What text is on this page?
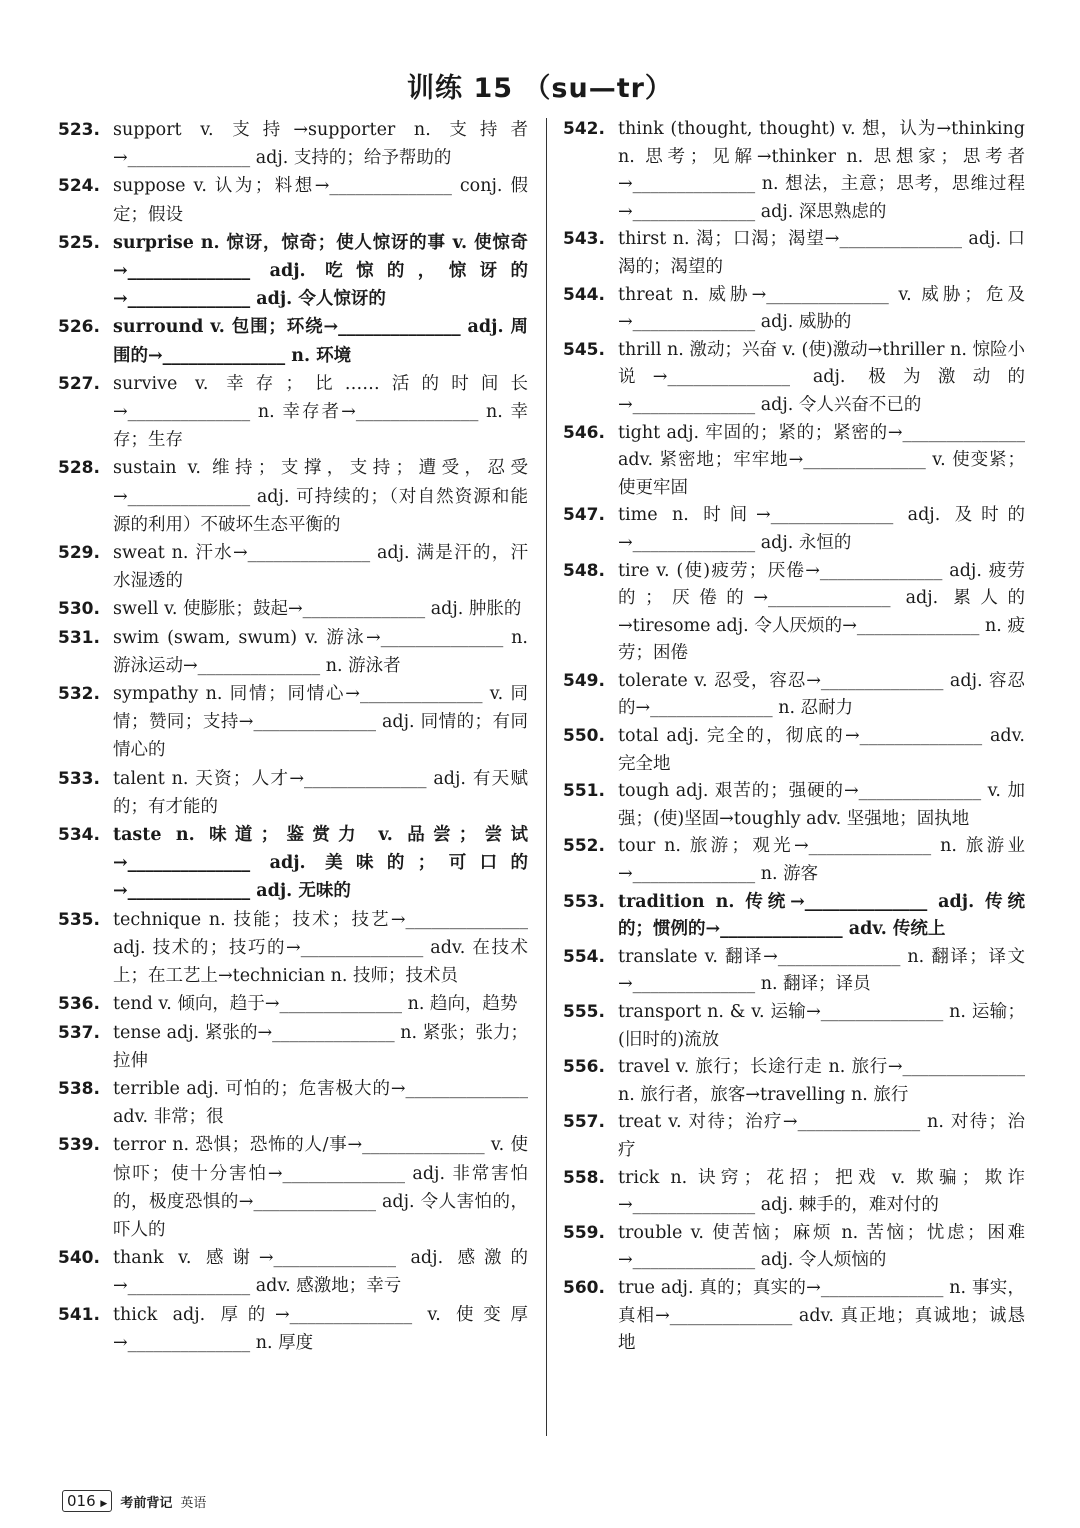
训练 15 （su—tr）
523. support v. 支持→supporter n. 支持者→______________ adj. 支持的；给予帮助的
524. suppose v. 认为；料想→______________ conj. 假定；假设
525. surprise n. 惊讶，惊奇；使人惊讶的事 v. 使惊奇→______________ adj. 吃惊的，惊讶的→______________ adj. 令人惊讶的
526. surround v. 包围；环绕→______________ adj. 周围的→______________ n. 环境
527. survive v. 幸存；比……活的时间长→______________ n. 幸存者→______________ n. 幸存；生存
528. sustain v. 维持；支撑，支持；遭受，忍受→______________ adj. 可持续的；（对自然资源和能源的利用）不破坏生态平衡的
529. sweat n. 汗水→______________ adj. 满是汗的，汗水湿透的
530. swell v. 使膨胀；鼓起→______________ adj. 肿胀的
531. swim (swam, swum) v. 游泳→______________ n. 游泳运动→______________ n. 游泳者
532. sympathy n. 同情；同情心→______________ v. 同情；赞同；支持→______________ adj. 同情的；有同情心的
533. talent n. 天资；人才→______________ adj. 有天赋的；有才能的
534. taste n. 味道；鉴赏力 v. 品尝；尝试→______________ adj. 美味的；可口的→______________ adj. 无味的
535. technique n. 技能；技术；技艺→______________ adj. 技术的；技巧的→______________ adv. 在技术上；在工艺上→technician n. 技师；技术员
536. tend v. 倾向，趋于→______________ n. 趋向，趋势
537. tense adj. 紧张的→______________ n. 紧张；张力；拉伸
538. terrible adj. 可怕的；危害极大的→______________ adv. 非常；很
539. terror n. 恐惧；恐怖的人/事→______________ v. 使惊吓；使十分害怕→______________ adj. 非常害怕的，极度恐惧的→______________ adj. 令人害怕的，吓人的
540. thank v. 感谢→______________ adj. 感激的→______________ adv. 感激地；幸亏
541. thick adj. 厚的→______________ v. 使变厚→______________ n. 厚度
542. think (thought, thought) v. 想，认为→thinking n. 思考；见解→thinker n. 思想家；思考者→______________ n. 想法，主意；思考，思维过程→______________ adj. 深思熟虑的
543. thirst n. 渴；口渴；渴望→______________ adj. 口渴的；渴望的
544. threat n. 威胁→______________ v. 威胁；危及→______________ adj. 威胁的
545. thrill n. 激动；兴奋 v. (使)激动→thriller n. 惊险小说→______________ adj. 极为激动的→______________ adj. 令人兴奋不已的
546. tight adj. 牢固的；紧的；紧密的→______________ adv. 紧密地；牢牢地→______________ v. 使变紧；使更牢固
547. time n. 时间→______________ adj. 及时的→______________ adj. 永恒的
548. tire v. (使)疲劳；厌倦→______________ adj. 疲劳的；厌倦的→______________ adj. 累人的→tiresome adj. 令人厌烦的→______________ n. 疲劳；困倦
549. tolerate v. 忍受，容忍→______________ adj. 容忍的→______________ n. 忍耐力
550. total adj. 完全的，彻底的→______________ adv. 完全地
551. tough adj. 艰苦的；强硬的→______________ v. 加强；(使)坚固→toughly adv. 坚强地；固执地
552. tour n. 旅游；观光→______________ n. 旅游业→______________ n. 游客
553. tradition n. 传统→______________ adj. 传统的；惯例的→______________ adv. 传统上
554. translate v. 翻译→______________ n. 翻译；译文→______________ n. 翻译；译员
555. transport n. & v. 运输→______________ n. 运输；(旧时的)流放
556. travel v. 旅行；长途行走 n. 旅行→______________ n. 旅行者，旅客→travelling n. 旅行
557. treat v. 对待；治疗→______________ n. 对待；治疗
558. trick n. 诀窍；花招；把戏 v. 欺骗；欺诈→______________ adj. 棘手的，难对付的
559. trouble v. 使苦恼；麻烦 n. 苦恼；忧虑；困难→______________ adj. 令人烦恼的
560. true adj. 真的；真实的→______________ n. 事实，真相→______________ adv. 真正地；真诚地；诚恳地
016 ▶	考前背记 英语
